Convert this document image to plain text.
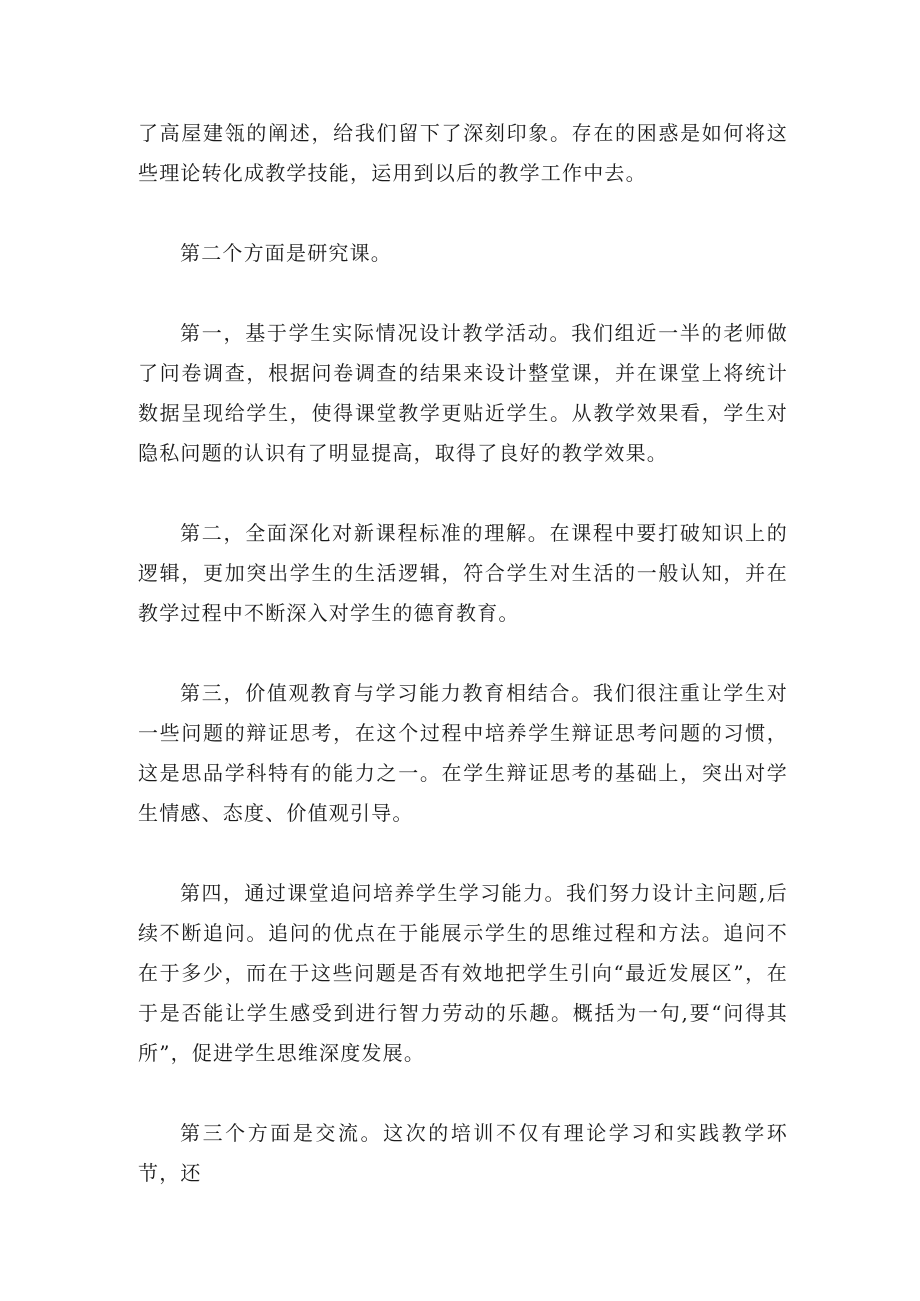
了高屋建瓴的阐述，给我们留下了深刻印象。存在的困惑是如何将这些理论转化成教学技能，运用到以后的教学工作中去。

第二个方面是研究课。

第一，基于学生实际情况设计教学活动。我们组近一半的老师做了问卷调查，根据问卷调查的结果来设计整堂课，并在课堂上将统计数据呈现给学生，使得课堂教学更贴近学生。从教学效果看，学生对隐私问题的认识有了明显提高，取得了良好的教学效果。

第二，全面深化对新课程标准的理解。在课程中要打破知识上的逻辑，更加突出学生的生活逻辑，符合学生对生活的一般认知，并在教学过程中不断深入对学生的德育教育。

第三，价值观教育与学习能力教育相结合。我们很注重让学生对一些问题的辩证思考，在这个过程中培养学生辩证思考问题的习惯，这是思品学科特有的能力之一。在学生辩证思考的基础上，突出对学生情感、态度、价值观引导。

第四，通过课堂追问培养学生学习能力。我们努力设计主问题,后续不断追问。追问的优点在于能展示学生的思维过程和方法。追问不在于多少，而在于这些问题是否有效地把学生引向“最近发展区”，在于是否能让学生感受到进行智力劳动的乐趣。概括为一句,要“问得其所”，促进学生思维深度发展。

第三个方面是交流。这次的培训不仅有理论学习和实践教学环节，还
